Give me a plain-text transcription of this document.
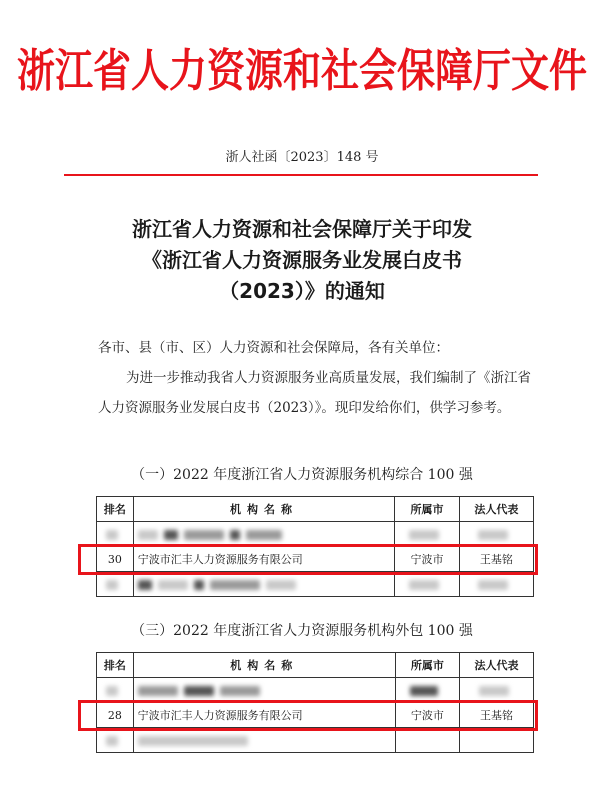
浙江省人力资源和社会保障厅文件
浙人社函〔2023〕148 号
浙江省人力资源和社会保障厅关于印发
《浙江省人力资源服务业发展白皮书
（2023）》的通知
各市、县（市、区）人力资源和社会保障局，各有关单位：
为进一步推动我省人力资源服务业高质量发展，我们编制了《浙江省人力资源服务业发展白皮书（2023）》。现印发给你们，供学习参考。
（一）2022 年度浙江省人力资源服务机构综合 100 强
排名	机构名称	所属市	法人代表

30	宁波市汇丰人力资源服务有限公司	宁波市	王基铭

（三）2022 年度浙江省人力资源服务机构外包 100 强
排名	机构名称	所属市	法人代表

28	宁波市汇丰人力资源服务有限公司	宁波市	王基铭
